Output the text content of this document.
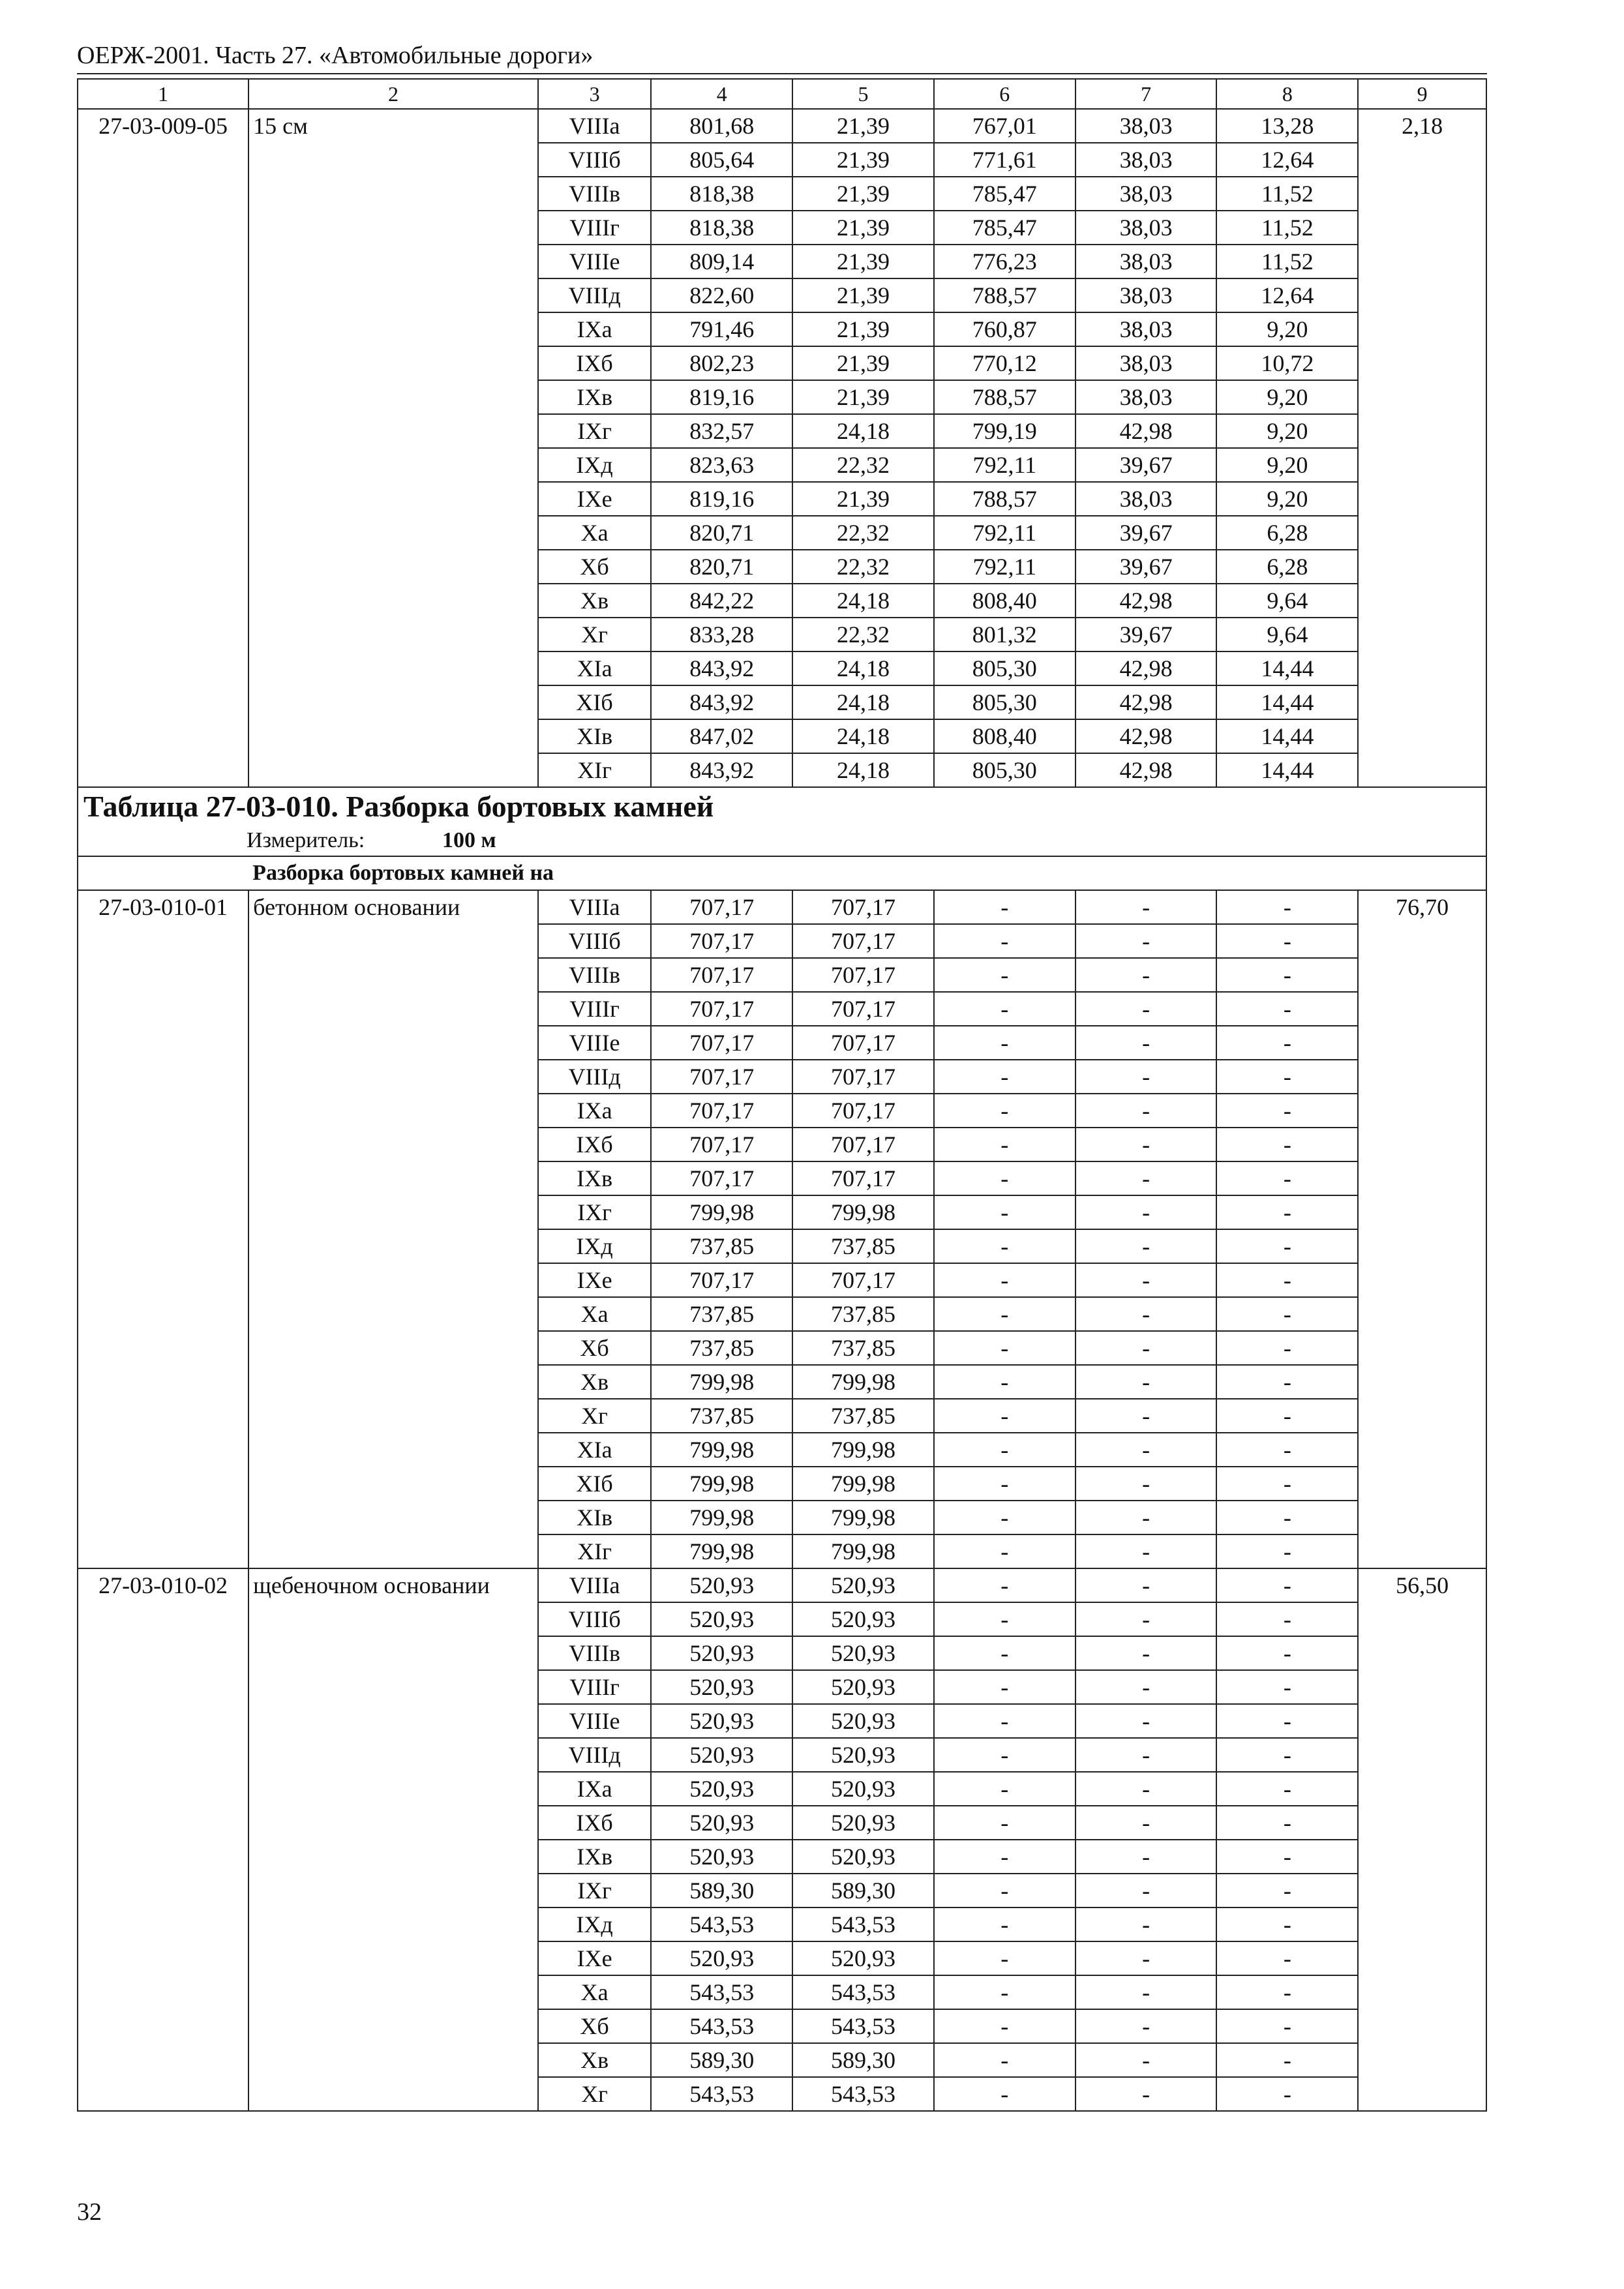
ОЕРЖ-2001. Часть 27. «Автомобильные дороги»
1	2	3	4	5	6	7	8	9
27-03-009-05	15 см	VIIIа	801,68	21,39	767,01	38,03	13,28	2,18
		VIIIб	805,64	21,39	771,61	38,03	12,64	
		VIIIв	818,38	21,39	785,47	38,03	11,52	
		VIIIг	818,38	21,39	785,47	38,03	11,52	
		VIIIе	809,14	21,39	776,23	38,03	11,52	
		VIIIд	822,60	21,39	788,57	38,03	12,64	
		IXа	791,46	21,39	760,87	38,03	9,20	
		IXб	802,23	21,39	770,12	38,03	10,72	
		IXв	819,16	21,39	788,57	38,03	9,20	
		IXг	832,57	24,18	799,19	42,98	9,20	
		IXд	823,63	22,32	792,11	39,67	9,20	
		IXе	819,16	21,39	788,57	38,03	9,20	
		Xа	820,71	22,32	792,11	39,67	6,28	
		Xб	820,71	22,32	792,11	39,67	6,28	
		Xв	842,22	24,18	808,40	42,98	9,64	
		Xг	833,28	22,32	801,32	39,67	9,64	
		XIа	843,92	24,18	805,30	42,98	14,44	
		XIб	843,92	24,18	805,30	42,98	14,44	
		XIв	847,02	24,18	808,40	42,98	14,44	
		XIг	843,92	24,18	805,30	42,98	14,44	

Таблица 27-03-010. Разборка бортовых камней
Измеритель: 100 м								

	Разборка бортовых камней на							
27-03-010-01	бетонном основании	VIIIа	707,17	707,17	-	-	-	76,70
		VIIIб	707,17	707,17	-	-	-	
		VIIIв	707,17	707,17	-	-	-	
		VIIIг	707,17	707,17	-	-	-	
		VIIIе	707,17	707,17	-	-	-	
		VIIIд	707,17	707,17	-	-	-	
		IXа	707,17	707,17	-	-	-	
		IXб	707,17	707,17	-	-	-	
		IXв	707,17	707,17	-	-	-	
		IXг	799,98	799,98	-	-	-	
		IXд	737,85	737,85	-	-	-	
		IXе	707,17	707,17	-	-	-	
		Xа	737,85	737,85	-	-	-	
		Xб	737,85	737,85	-	-	-	
		Xв	799,98	799,98	-	-	-	
		Xг	737,85	737,85	-	-	-	
		XIа	799,98	799,98	-	-	-	
		XIб	799,98	799,98	-	-	-	
		XIв	799,98	799,98	-	-	-	
		XIг	799,98	799,98	-	-	-	
27-03-010-02	щебеночном основании	VIIIа	520,93	520,93	-	-	-	56,50
		VIIIб	520,93	520,93	-	-	-	
		VIIIв	520,93	520,93	-	-	-	
		VIIIг	520,93	520,93	-	-	-	
		VIIIе	520,93	520,93	-	-	-	
		VIIIд	520,93	520,93	-	-	-	
		IXа	520,93	520,93	-	-	-	
		IXб	520,93	520,93	-	-	-	
		IXв	520,93	520,93	-	-	-	
		IXг	589,30	589,30	-	-	-	
		IXд	543,53	543,53	-	-	-	
		IXе	520,93	520,93	-	-	-	
		Xа	543,53	543,53	-	-	-	
		Xб	543,53	543,53	-	-	-	
		Xв	589,30	589,30	-	-	-	
		Xг	543,53	543,53	-	-	-	
32
